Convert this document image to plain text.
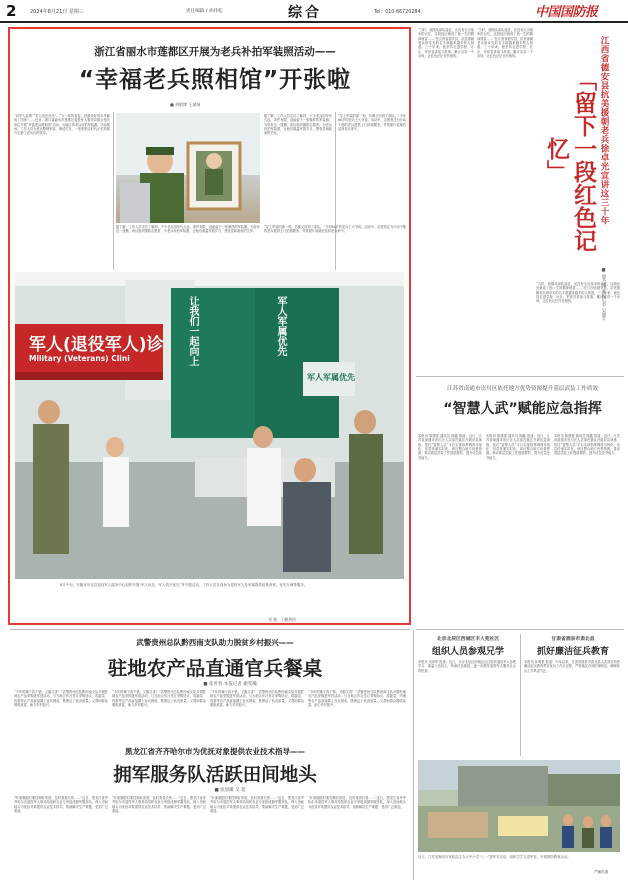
2	2024年8月21日 星期三	责任编辑 / 孙炜松	综合	Tel：010-66720284	中国国防报
浙江省丽水市莲都区开展为老兵补拍军装照活动——
“幸福老兵照相馆”开张啦
■ 胡敬博 王斌扬
“向军人致敬”“军人依法优先”…“火一样的青春，把最美好的年华献给了国家”……近日，浙江省丽水市莲都区退役军人事务局联合相关单位开展“幸福老兵照相馆”活动，为辖区内老兵补拍军装照。活动现场，工作人员为老兵整理军装、调试灯光，一张张饱含时代记忆的照片定格了老兵们的笑容。
据了解，工作人员走访了解到，不少老兵因年代久远、条件有限，没能留下一张像样的军装照。为弥补这一遗憾，该区组织摄影志愿者，为老兵补拍军装照，让他们重温军旅岁月，感受党和政府的关怀。
“穿上军装的那一刻，仿佛又回到了部队。”今年86岁的老兵王大爷说。活动中，志愿者还为行动不便的老兵提供上门拍照服务，并将照片装裱后送到老兵家中。
据了解，工作人员走访了解到，不少老兵因年代久远、条件有限，没能留下一张像样的军装照。为弥补这一遗憾，该区组织摄影志愿者，为老兵补拍军装照，让他们重温军旅岁月，感受党和政府的关怀。
“穿上军装的那一刻，仿佛又回到了部队。”今年86岁的老兵王大爷说。活动中，志愿者还为行动不便的老兵提供上门拍照服务，并将照片装裱后送到老兵家中。
军人(退役军人)诊
Military (Veterans) Clini	让我们一起向上	军人军属优先
军人军属优先
8月中旬，安徽省东至县退役军人服务中心组织开展“军人优先、军人依法优先”等专题活动，工作人员在现场为退役军人及军属提供政策咨询、优先办理等服务。
刘 骏、丁鹏供图
“当时，他刚从部队退伍，还没有走出战争的记忆，这段经历就成了他一生的精神财富……”在江西省德安县，抗美援朝老兵徐卓光的名字被越来越多的人知道。三十年来，他坚持走进学校、社区、军营宣讲战斗故事，累计宣讲一千余场，让红色记忆代代相传。
“当时，他刚从部队退伍，还没有走出战争的记忆，这段经历就成了他一生的精神财富……”在江西省德安县，抗美援朝老兵徐卓光的名字被越来越多的人知道。三十年来，他坚持走进学校、社区、军营宣讲战斗故事，累计宣讲一千余场，让红色记忆代代相传。	江西省德安县抗美援朝老兵徐卓光宣讲这三十年
「留下一段红色记忆」
■ 郭乃博 本报记者 吴黎宇
“当时，他刚从部队退伍，还没有走出战争的记忆，这段经历就成了他一生的精神财富……”在江西省德安县，抗美援朝老兵徐卓光的名字被越来越多的人知道。三十年来，他坚持走进学校、社区、军营宣讲战斗故事，累计宣讲一千余场，让红色记忆代代相传。
江苏省南通市崇川区依托地方优势资源提升基层武装工作质效
“智慧人武”赋能应急指挥
本报讯 陈建强 通讯员 顾鑫 报道：近日，江苏省南通市崇川区人武部在辖区开展应急演练，依托“智慧人武”平台实现指挥调度可视化、信息传递实时化。该区整合地方优势资源，推动基层武装工作提质增效，提升应急处突能力。
本报讯 陈建强 通讯员 顾鑫 报道：近日，江苏省南通市崇川区人武部在辖区开展应急演练，依托“智慧人武”平台实现指挥调度可视化、信息传递实时化。该区整合地方优势资源，推动基层武装工作提质增效，提升应急处突能力。
本报讯 陈建强 通讯员 顾鑫 报道：近日，江苏省南通市崇川区人武部在辖区开展应急演练，依托“智慧人武”平台实现指挥调度可视化、信息传递实时化。该区整合地方优势资源，推动基层武装工作提质增效，提升应急处突能力。
武警贵州总队黔西南支队助力脱贫乡村振兴——
驻地农产品直通官兵餐桌
■ 张善普 本报记者 谢雯瀚
“今年的辣子真不错，又脆又香！”武警贵州总队黔西南支队开展驻地农产品采购进军营活动，与当地合作社签订采购协议，将蔬菜、肉蛋等农产品直接端上官兵餐桌，既保证了伙食质量，又帮助群众增收致富，助力乡村振兴。
“今年的辣子真不错，又脆又香！”武警贵州总队黔西南支队开展驻地农产品采购进军营活动，与当地合作社签订采购协议，将蔬菜、肉蛋等农产品直接端上官兵餐桌，既保证了伙食质量，又帮助群众增收致富，助力乡村振兴。
“今年的辣子真不错，又脆又香！”武警贵州总队黔西南支队开展驻地农产品采购进军营活动，与当地合作社签订采购协议，将蔬菜、肉蛋等农产品直接端上官兵餐桌，既保证了伙食质量，又帮助群众增收致富，助力乡村振兴。
“今年的辣子真不错，又脆又香！”武警贵州总队黔西南支队开展驻地农产品采购进军营活动，与当地合作社签订采购协议，将蔬菜、肉蛋等农产品直接端上官兵餐桌，既保证了伙食质量，又帮助群众增收致富，助力乡村振兴。
黑龙江省齐齐哈尔市为优抚对象提供农业技术指导——
拥军服务队活跃田间地头
■ 张晨曦 吴 超
“叶面施肥时要控制好浓度，及时查看长势……”近日，黑龙江省齐齐哈尔市退役军人事务局组织农业专家组成拥军服务队，深入田间地头为优抚对象提供农业技术指导，帮助解决生产难题，受到广泛欢迎。
“叶面施肥时要控制好浓度，及时查看长势……”近日，黑龙江省齐齐哈尔市退役军人事务局组织农业专家组成拥军服务队，深入田间地头为优抚对象提供农业技术指导，帮助解决生产难题，受到广泛欢迎。
“叶面施肥时要控制好浓度，及时查看长势……”近日，黑龙江省齐齐哈尔市退役军人事务局组织农业专家组成拥军服务队，深入田间地头为优抚对象提供农业技术指导，帮助解决生产难题，受到广泛欢迎。
“叶面施肥时要控制好浓度，及时查看长势……”近日，黑龙江省齐齐哈尔市退役军人事务局组织农业专家组成拥军服务队，深入田间地头为优抚对象提供农业技术指导，帮助解决生产难题，受到广泛欢迎。
北京北辰区西城区丰人苑社区
组织人员参观兄学
本报讯 吴泽军 报道：近日，北京北辰区西城区社区组织退役军人参观学习，重温入伍初心，传承红色基因，进一步激发退役军人服务社会的热情。
甘肃省酒泉市肃北县
抓好廉洁征兵教育
本报讯 孙明星 报道：今年以来，甘肃省酒泉市肃北县人武部坚持把廉洁征兵教育贯穿征兵工作全过程，严格落实各项纪律规定，确保征兵工作风清气正。
近日，江苏省海安市民政局主办大中小学“八一”建军节活动，组织学生走进军营，开展国防教育活动。
严鹏供图
